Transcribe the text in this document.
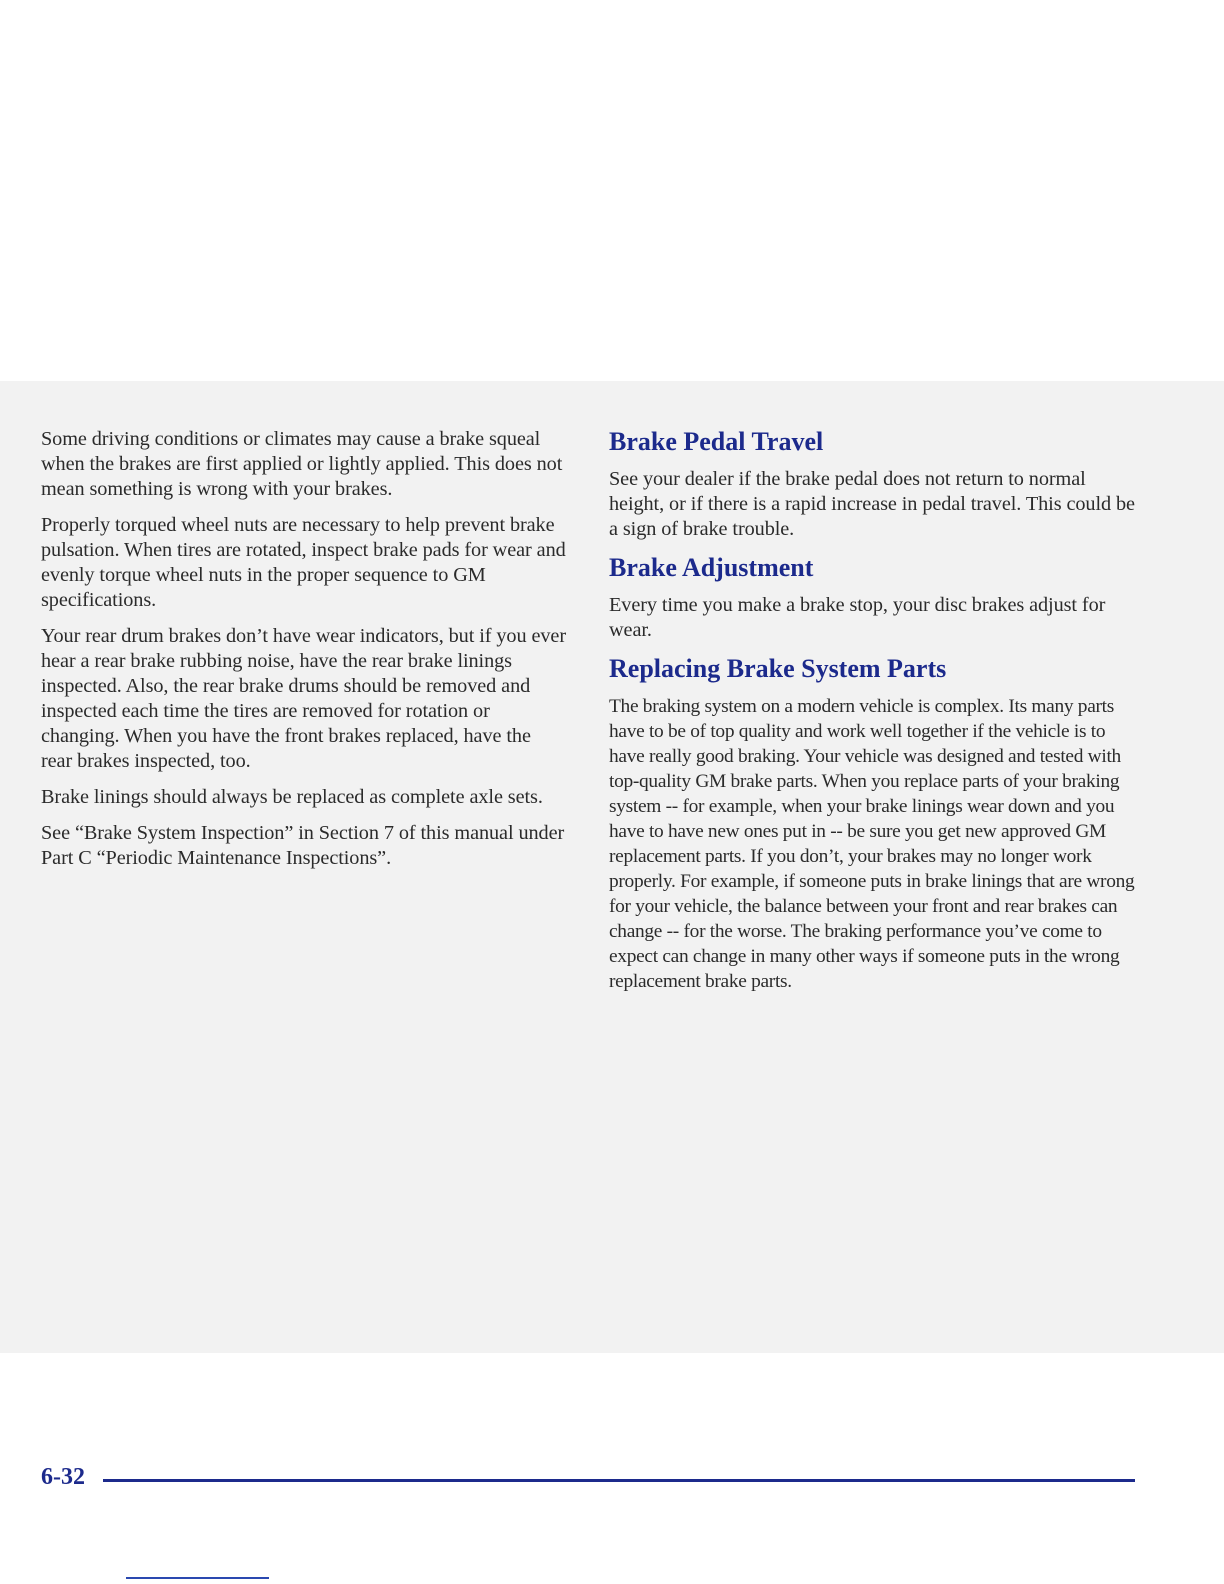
Some driving conditions or climates may cause a brake squeal when the brakes are first applied or lightly applied. This does not mean something is wrong with your brakes.

Properly torqued wheel nuts are necessary to help prevent brake pulsation. When tires are rotated, inspect brake pads for wear and evenly torque wheel nuts in the proper sequence to GM specifications.

Your rear drum brakes don’t have wear indicators, but if you ever hear a rear brake rubbing noise, have the rear brake linings inspected. Also, the rear brake drums should be removed and inspected each time the tires are removed for rotation or changing. When you have the front brakes replaced, have the rear brakes inspected, too.

Brake linings should always be replaced as complete axle sets.

See “Brake System Inspection” in Section 7 of this manual under Part C “Periodic Maintenance Inspections”.

Brake Pedal Travel

See your dealer if the brake pedal does not return to normal height, or if there is a rapid increase in pedal travel. This could be a sign of brake trouble.

Brake Adjustment

Every time you make a brake stop, your disc brakes adjust for wear.

Replacing Brake System Parts

The braking system on a modern vehicle is complex. Its many parts have to be of top quality and work well together if the vehicle is to have really good braking. Your vehicle was designed and tested with top-quality GM brake parts. When you replace parts of your braking system -- for example, when your brake linings wear down and you have to have new ones put in -- be sure you get new approved GM replacement parts. If you don’t, your brakes may no longer work properly. For example, if someone puts in brake linings that are wrong for your vehicle, the balance between your front and rear brakes can change -- for the worse. The braking performance you’ve come to expect can change in many other ways if someone puts in the wrong replacement brake parts.

6-32
